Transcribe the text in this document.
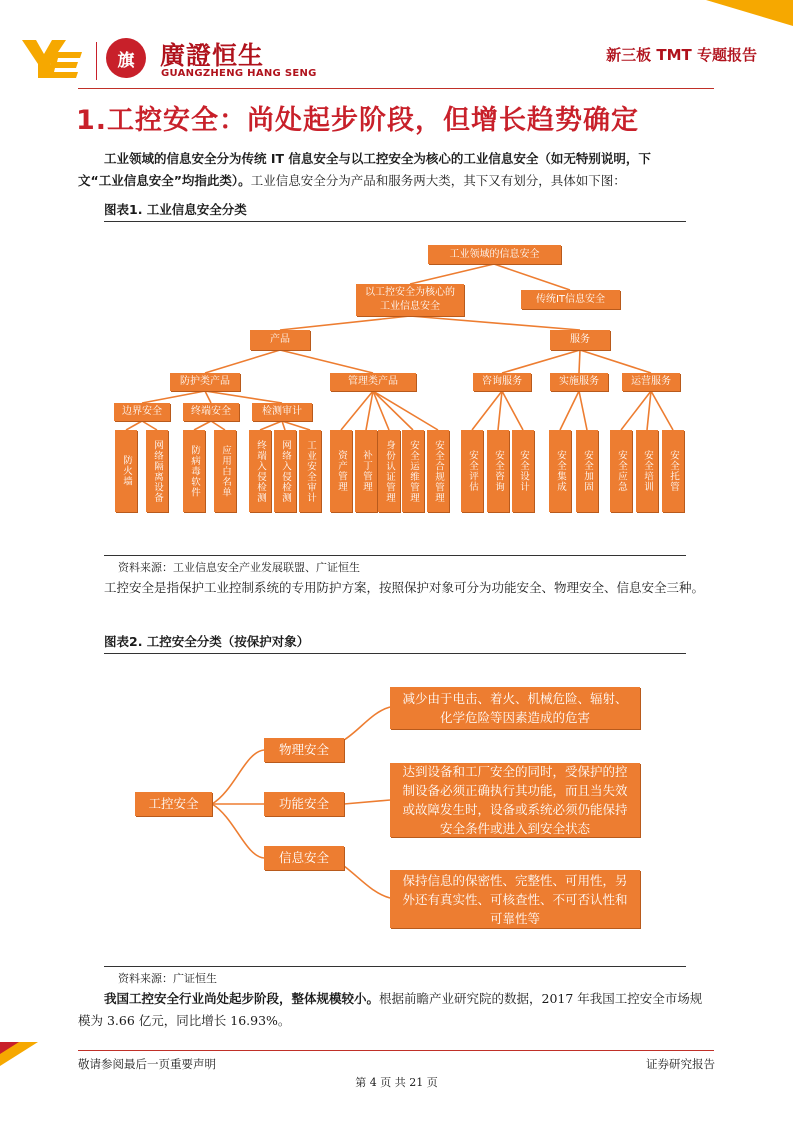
旗	廣證恒生
GUANGZHENG HANG SENG
新三板 TMT 专题报告
1.工控安全：尚处起步阶段，但增长趋势确定
工业领域的信息安全分为传统 IT 信息安全与以工控安全为核心的工业信息安全（如无特别说明，下
文“工业信息安全”均指此类）。工业信息安全分为产品和服务两大类，其下又有划分，具体如下图：
图表1. 工业信息安全分类
工业领域的信息安全
以工控安全为核心的工业信息安全
传统IT信息安全
产品	服务
防护类产品	管理类产品	咨询服务	实施服务	运营服务
边界安全	终端安全	检测审计
防火墙	网络隔离设备	防病毒软件	应用白名单	终端入侵检测	网络入侵检测	工业安全审计	资产管理	补丁管理	身份认证管理	安全运维管理	安全合规管理	安全评估	安全咨询	安全设计	安全集成	安全加固	安全应急	安全培训	安全托管
资料来源：工业信息安全产业发展联盟、广证恒生
工控安全是指保护工业控制系统的专用防护方案，按照保护对象可分为功能安全、物理安全、信息安全三种。
图表2. 工控安全分类（按保护对象）
工控安全
物理安全
功能安全
信息安全
减少由于电击、着火、机械危险、辐射、化学危险等因素造成的危害
达到设备和工厂安全的同时，受保护的控制设备必须正确执行其功能，而且当失效或故障发生时，设备或系统必须仍能保持安全条件或进入到安全状态
保持信息的保密性、完整性、可用性，另外还有真实性、可核查性、不可否认性和可靠性等
资料来源：广证恒生
我国工控安全行业尚处起步阶段，整体规模较小。根据前瞻产业研究院的数据，2017 年我国工控安全市场规模为 3.66 亿元，同比增长 16.93%。
敬请参阅最后一页重要声明	证券研究报告
第 4 页 共 21 页
